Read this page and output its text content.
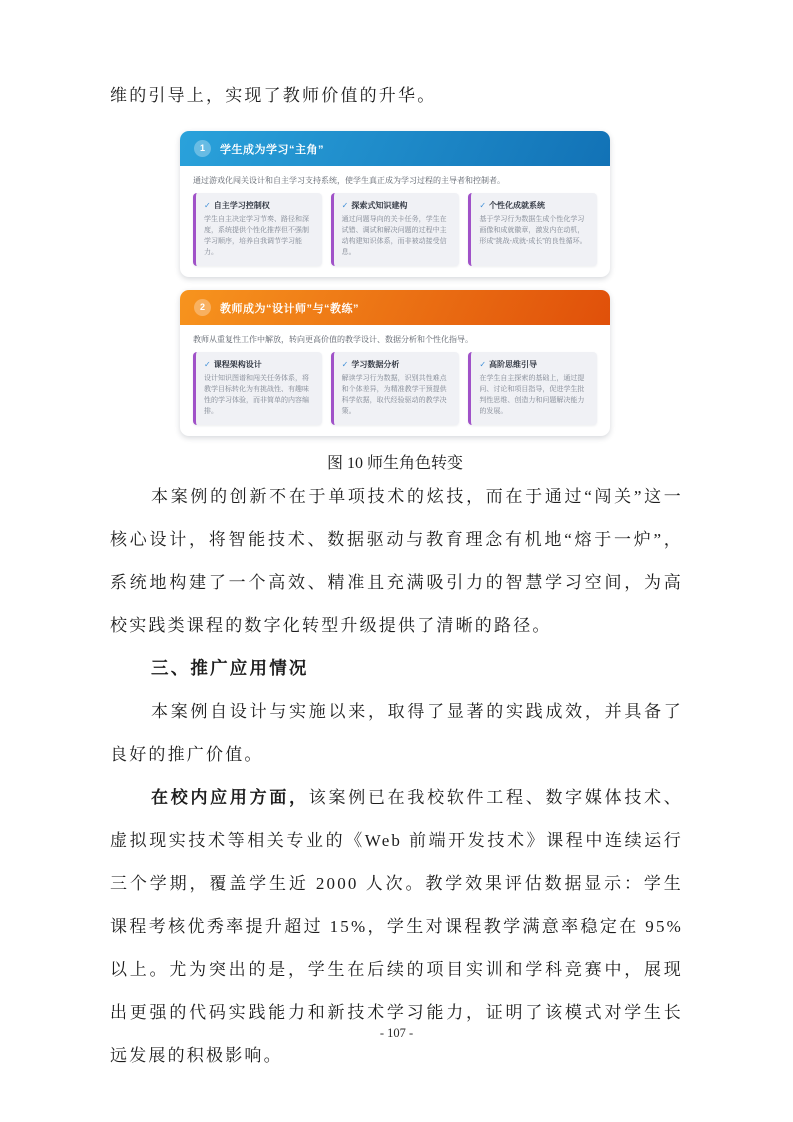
维的引导上，实现了教师价值的升华。

1	学生成为学习“主角”

通过游戏化闯关设计和自主学习支持系统，使学生真正成为学习过程的主导者和控制者。

✓ 自主学习控制权

学生自主决定学习节奏、路径和深度，系统提供个性化推荐但不强制学习顺序，培养自我调节学习能力。

✓ 探索式知识建构

通过问题导向的关卡任务，学生在试错、调试和解决问题的过程中主动构建知识体系，而非被动接受信息。

✓ 个性化成就系统

基于学习行为数据生成个性化学习画像和成就徽章，激发内在动机，形成“挑战-成就-成长”的良性循环。

2	教师成为“设计师”与“教练”

教师从重复性工作中解放，转向更高价值的教学设计、数据分析和个性化指导。

✓ 课程架构设计

设计知识图谱和闯关任务体系，将教学目标转化为有挑战性、有趣味性的学习体验，而非简单的内容编排。

✓ 学习数据分析

解读学习行为数据，识别共性难点和个体差异，为精准教学干预提供科学依据，取代经验驱动的教学决策。

✓ 高阶思维引导

在学生自主探索的基础上，通过提问、讨论和项目指导，促进学生批判性思维、创造力和问题解决能力的发展。

图 10 师生角色转变

本案例的创新不在于单项技术的炫技，而在于通过“闯关”这一核心设计，将智能技术、数据驱动与教育理念有机地“熔于一炉”，系统地构建了一个高效、精准且充满吸引力的智慧学习空间，为高校实践类课程的数字化转型升级提供了清晰的路径。

三、推广应用情况

本案例自设计与实施以来，取得了显著的实践成效，并具备了良好的推广价值。

在校内应用方面，该案例已在我校软件工程、数字媒体技术、虚拟现实技术等相关专业的《Web 前端开发技术》课程中连续运行三个学期，覆盖学生近 2000 人次。教学效果评估数据显示：学生课程考核优秀率提升超过 15%，学生对课程教学满意率稳定在 95%以上。尤为突出的是，学生在后续的项目实训和学科竞赛中，展现出更强的代码实践能力和新技术学习能力，证明了该模式对学生长远发展的积极影响。

- 107 -
